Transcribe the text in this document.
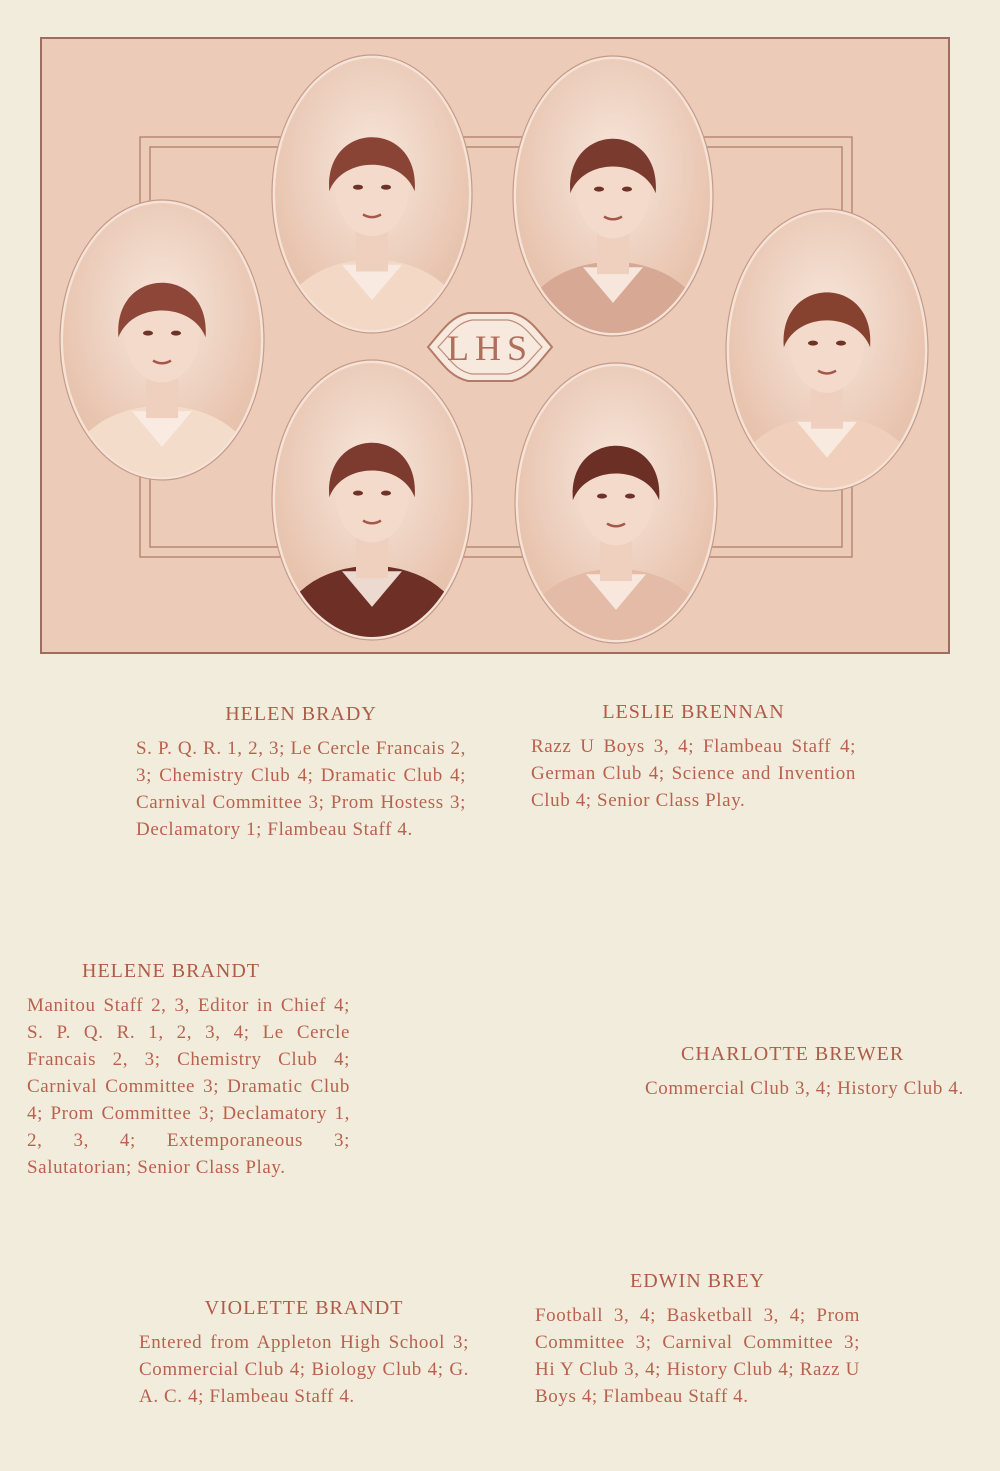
LHS
HELEN BRADY
S. P. Q. R. 1, 2, 3; Le Cercle Francais 2, 3; Chemistry Club 4; Dramatic Club 4; Carnival Committee 3; Prom Hostess 3; Declamatory 1; Flambeau Staff 4.
LESLIE BRENNAN
Razz U Boys 3, 4; Flambeau Staff 4; German Club 4; Science and Invention Club 4; Senior Class Play.
HELENE BRANDT
Manitou Staff 2, 3, Editor in Chief 4; S. P. Q. R. 1, 2, 3, 4; Le Cercle Francais 2, 3; Chemistry Club 4; Carnival Committee 3; Dramatic Club 4; Prom Committee 3; Declamatory 1, 2, 3, 4; Extemporaneous 3; Salutatorian; Senior Class Play.
CHARLOTTE BREWER
Commercial Club 3, 4; History Club 4.
VIOLETTE BRANDT
Entered from Appleton High School 3; Commercial Club 4; Biology Club 4; G. A. C. 4; Flambeau Staff 4.
EDWIN BREY
Football 3, 4; Basketball 3, 4; Prom Committee 3; Carnival Committee 3; Hi Y Club 3, 4; History Club 4; Razz U Boys 4; Flambeau Staff 4.
